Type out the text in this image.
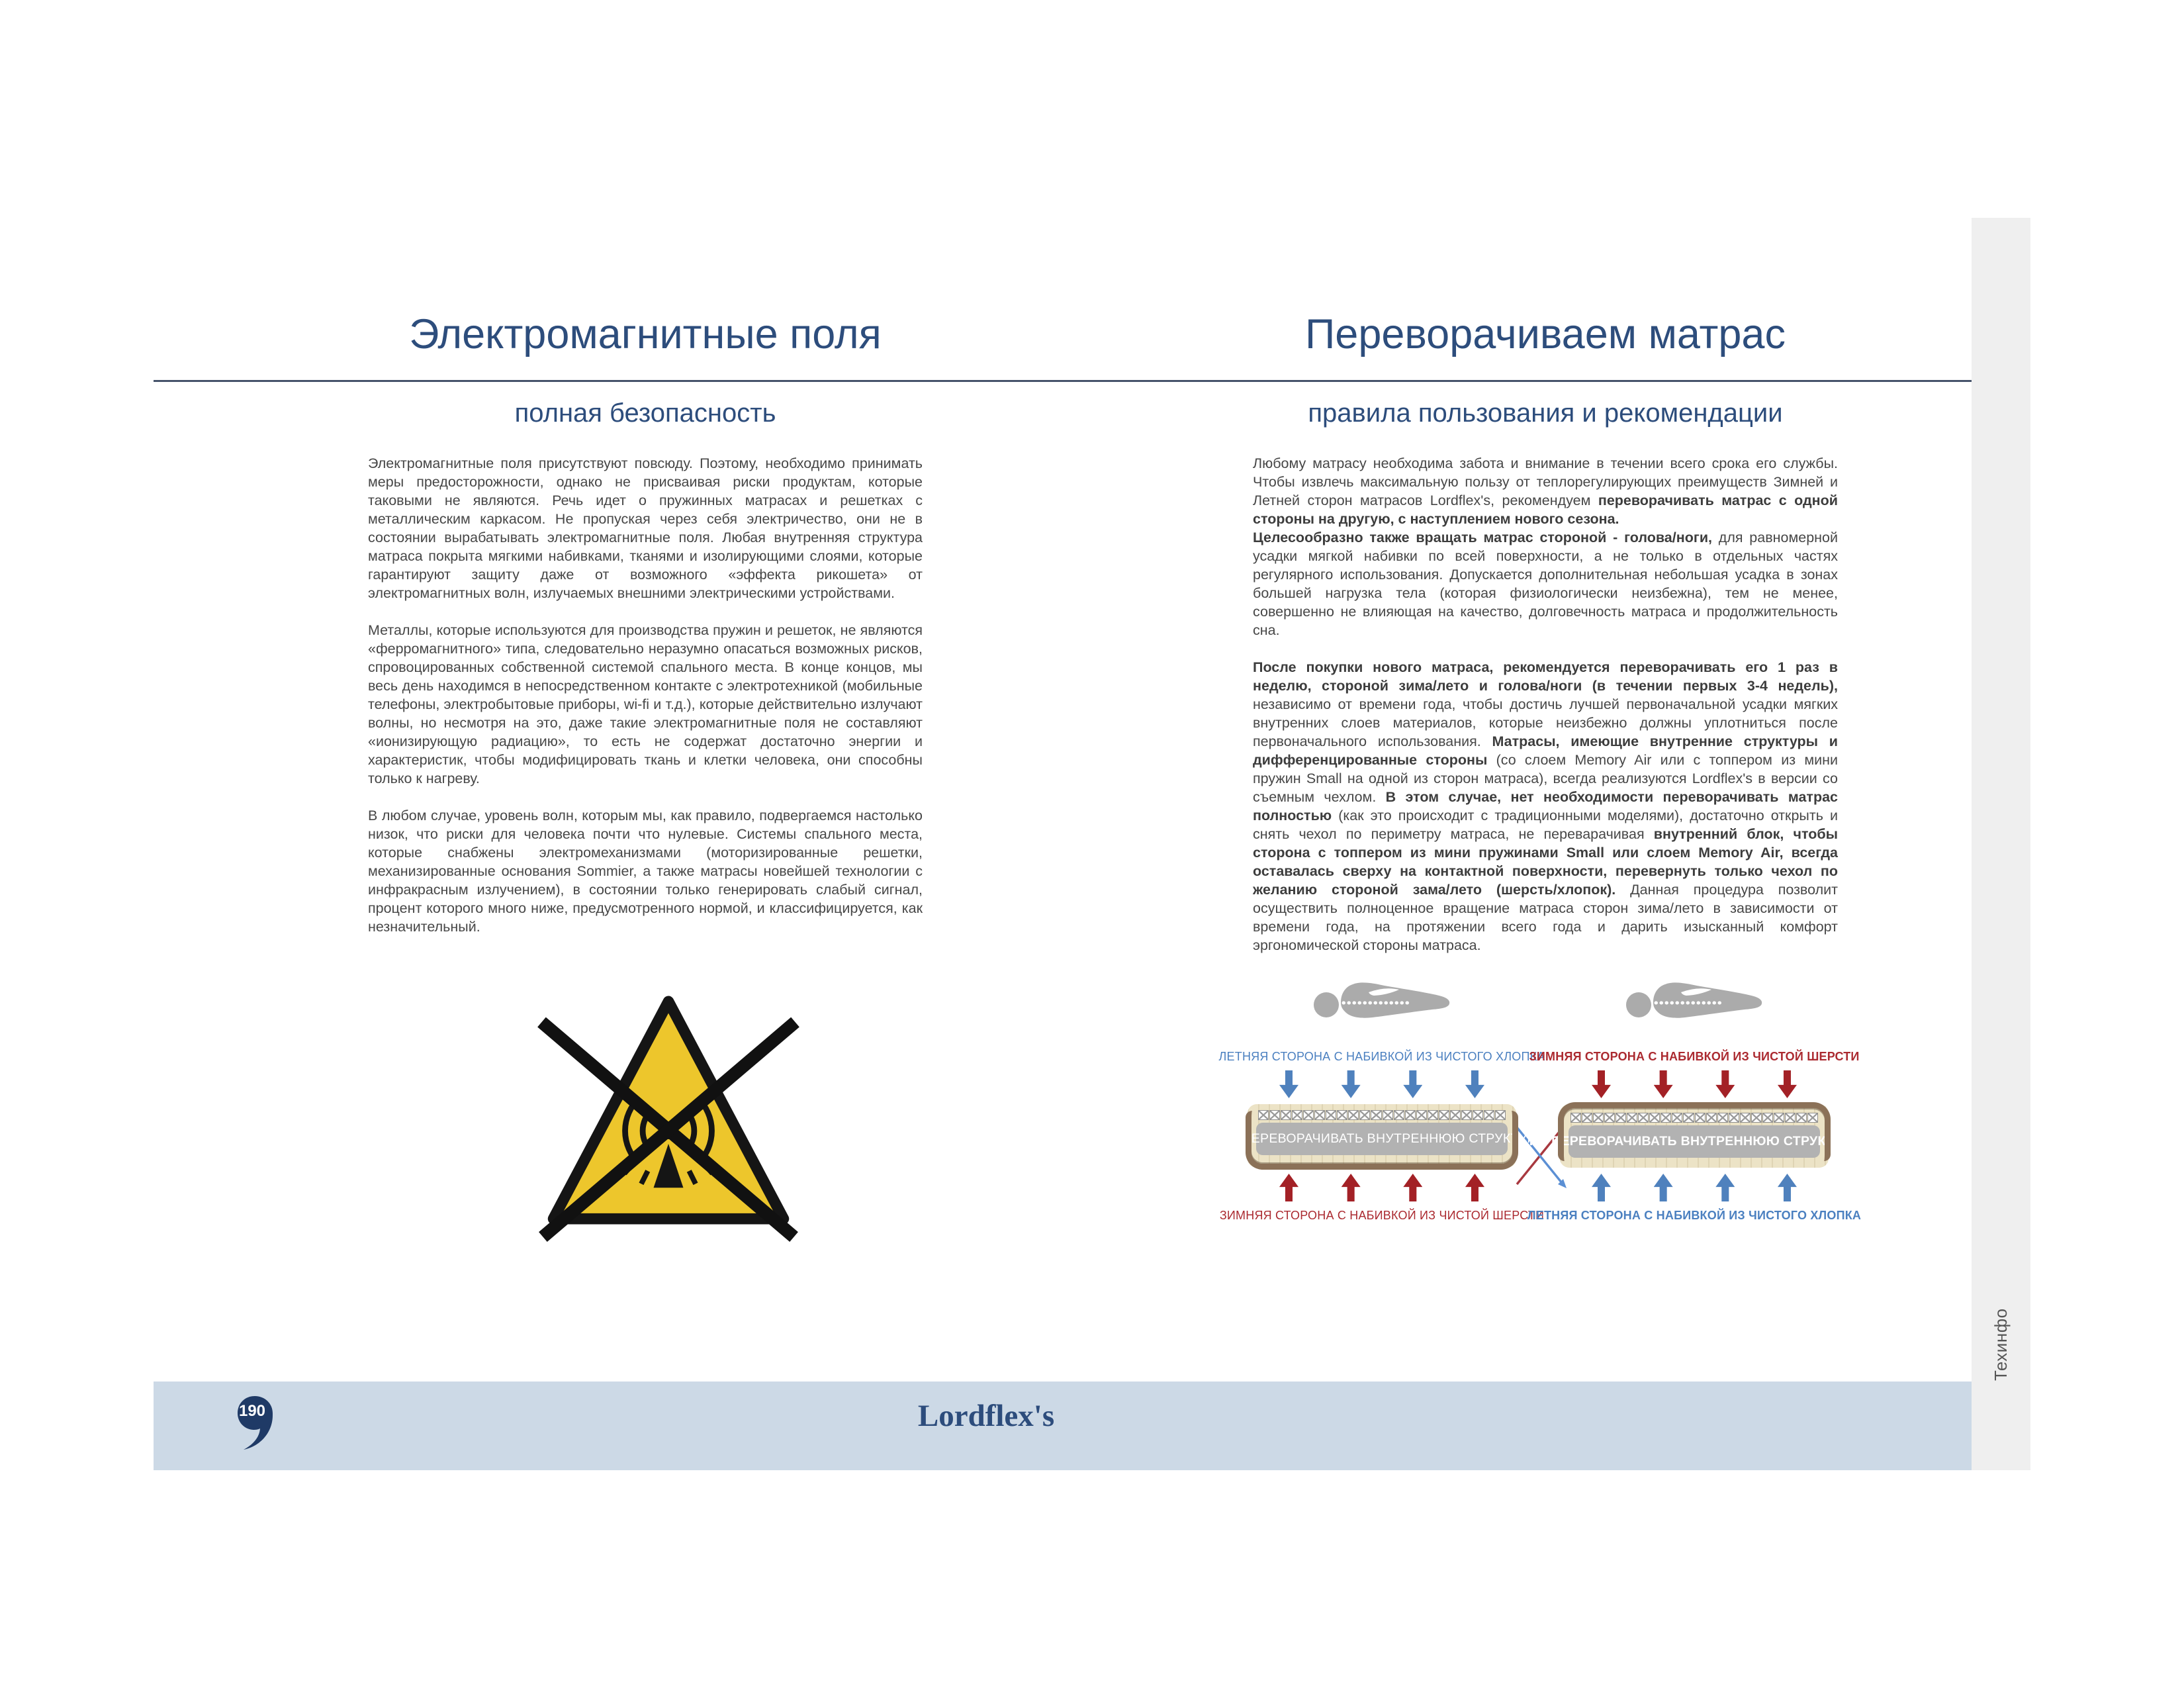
Электромагнитные поля	Переворачиваем матрас
полная безопасность	правила пользования и рекомендации

Электромагнитные поля присутствуют повсюду. Поэтому, необходимо принимать меры предосторожности, однако не присваивая риски продуктам, которые таковыми не являются. Речь идет о пружинных матрасах и решетках с металлическим каркасом. Не пропуская через себя электричество, они не в состоянии вырабатывать электромагнитные поля. Любая внутренняя структура матраса покрыта мягкими набивками, тканями и изолирующими слоями, которые гарантируют защиту даже от возможного «эффекта рикошета» от электромагнитных волн, излучаемых внешними электрическими устройствами.

Металлы, которые используются для производства пружин и решеток, не являются «ферромагнитного» типа, следовательно неразумно опасаться возможных рисков, спровоцированных собственной системой спального места. В конце концов, мы весь день находимся в непосредственном контакте с электротехникой (мобильные телефоны, электробытовые приборы, wi-fi и т.д.), которые действительно излучают волны, но несмотря на это, даже такие электромагнитные поля не составляют «ионизирующую радиацию», то есть не содержат достаточно энергии и характеристик, чтобы модифицировать ткань и клетки человека, они способны только к нагреву.

В любом случае, уровень волн, которым мы, как правило, подвергаемся настолько низок, что риски для человека почти что нулевые. Системы спального места, которые снабжены электромеханизмами (моторизированные решетки, механизированные основания Sommier, а также матрасы новейшей технологии с инфракрасным излучением), в состоянии только генерировать слабый сигнал, процент которого много ниже, предусмотренного нормой, и классифицируется, как незначительный.

Любому матрасу необходима забота и внимание в течении всего срока его службы. Чтобы извлечь максимальную пользу от теплорегулирующих преимуществ Зимней и Летней сторон матрасов Lordflex's, рекомендуем переворачивать матрас с одной стороны на другую, с наступлением нового сезона.

Целесообразно также вращать матрас стороной - голова/ноги, для равномерной усадки мягкой набивки по всей поверхности, а не только в отдельных частях регулярного использования. Допускается дополнительная небольшая усадка в зонах большей нагрузка тела (которая физиологически неизбежна), тем не менее, совершенно не влияющая на качество, долговечность матраса и продолжительность сна.

После покупки нового матраса, рекомендуется переворачивать его 1 раз в неделю, стороной зима/лето и голова/ноги (в течении первых 3-4 недель), независимо от времени года, чтобы достичь лучшей первоначальной усадки мягких внутренних слоев материалов, которые неизбежно должны уплотниться после первоначального использования. Матрасы, имеющие внутренние структуры и дифференцированные стороны (со слоем Memory Air или с топпером из мини пружин Small на одной из сторон матраса), всегда реализуются Lordflex's в версии со съемным чехлом. В этом случае, нет необходимости переворачивать матрас полностью (как это происходит с традиционными моделями), достаточно открыть и снять чехол по периметру матраса, не переварачивая внутренний блок, чтобы сторона с топпером из мини пружинами Small или слоем Memory Air, всегда оставалась сверху на контактной поверхности, перевернуть только чехол по желанию стороной зама/лето (шерсть/хлопок). Данная процедура позволит осуществить полноценное вращение матраса сторон зима/лето в зависимости от времени года, на протяжении всего года и дарить изысканный комфорт эргономической стороны матраса.

ЛЕТНЯЯ СТОРОНА С НАБИВКОЙ ИЗ ЧИСТОГО ХЛОПКА
НЕ ПЕРЕВОРАЧИВАТЬ ВНУТРЕННЮЮ СТРУКТУРУ
ЗИМНЯЯ СТОРОНА С НАБИВКОЙ ИЗ ЧИСТОЙ ШЕРСТИ
ЗИМНЯЯ СТОРОНА С НАБИВКОЙ ИЗ ЧИСТОЙ ШЕРСТИ
НЕ ПЕРЕВОРАЧИВАТЬ ВНУТРЕННЮЮ СТРУКТУРУ
ЛЕТНЯЯ СТОРОНА С НАБИВКОЙ ИЗ ЧИСТОГО ХЛОПКА
190	Lordflex's
Техинфо
